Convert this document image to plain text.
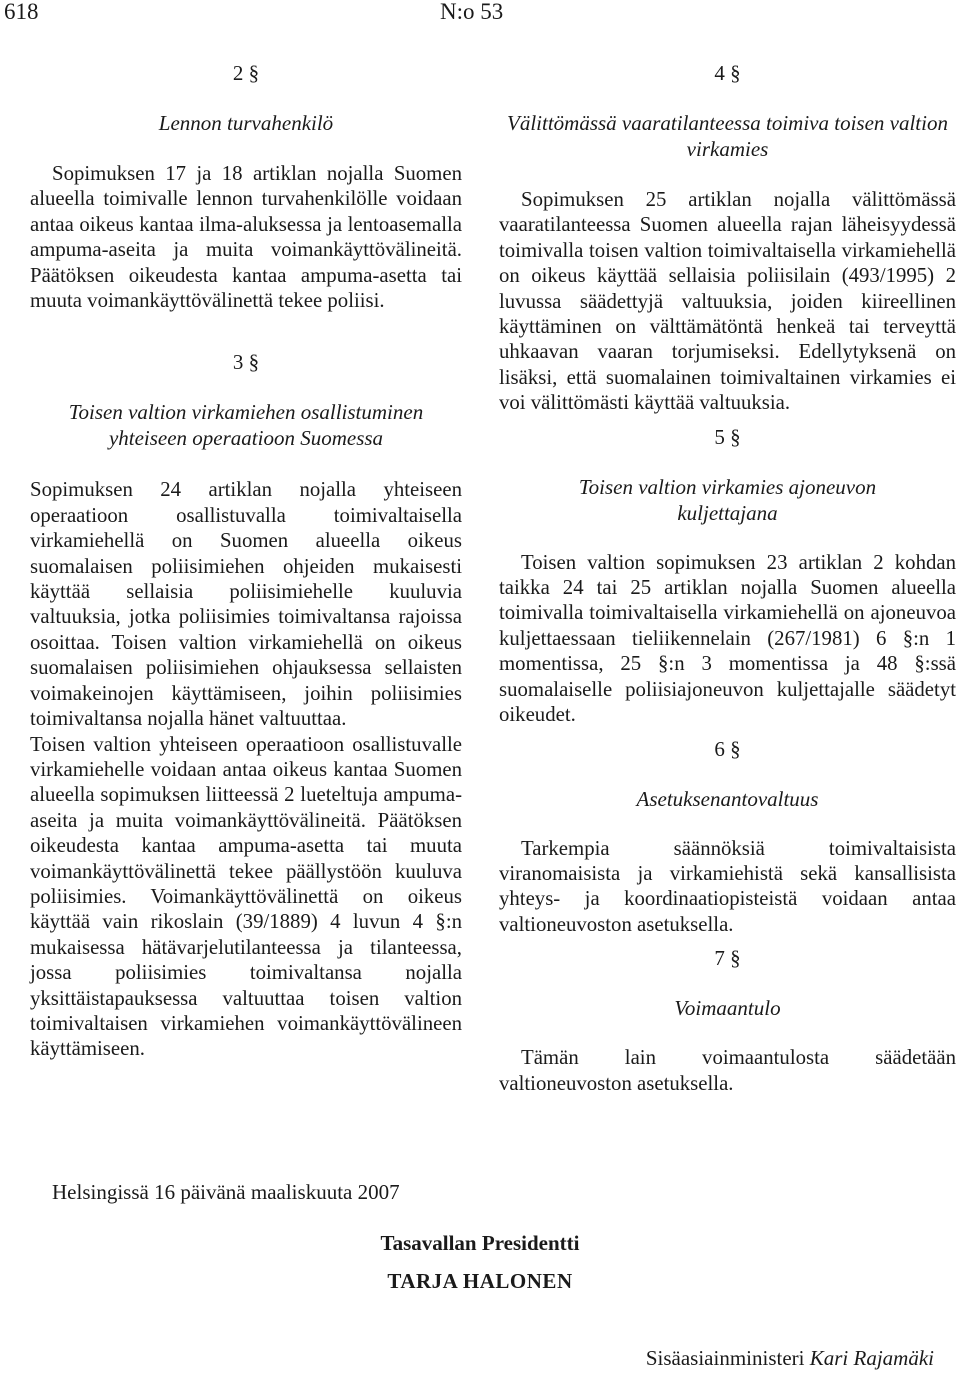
618	N:o 53

2 §

Lennon turvahenkilö

Sopimuksen 17 ja 18 artiklan nojalla Suomen alueella toimivalle lennon turvahenkilölle voidaan antaa oikeus kantaa ilma-aluksessa ja lentoasemalla ampuma-aseita ja muita voimankäyttövälineitä. Päätöksen oikeudesta kantaa ampuma-asetta tai muuta voimankäyttövälinettä tekee poliisi.

3 §

Toisen valtion virkamiehen osallistuminen yhteiseen operaatioon Suomessa

Sopimuksen 24 artiklan nojalla yhteiseen operaatioon osallistuvalla toimivaltaisella virkamiehellä on Suomen alueella oikeus suomalaisen poliisimiehen ohjeiden mukaisesti käyttää sellaisia poliisimiehelle kuuluvia valtuuksia, jotka poliisimies toimivaltansa rajoissa osoittaa. Toisen valtion virkamiehellä on oikeus suomalaisen poliisimiehen ohjauksessa sellaisten voimakeinojen käyttämiseen, joihin poliisimies toimivaltansa nojalla hänet valtuuttaa.

Toisen valtion yhteiseen operaatioon osallistuvalle virkamiehelle voidaan antaa oikeus kantaa Suomen alueella sopimuksen liitteessä 2 lueteltuja ampuma-aseita ja muita voimankäyttövälineitä. Päätöksen oikeudesta kantaa ampuma-asetta tai muuta voimankäyttövälinettä tekee päällystöön kuuluva poliisimies. Voimankäyttövälinettä on oikeus käyttää vain rikoslain (39/1889) 4 luvun 4 §:n mukaisessa hätävarjelutilanteessa ja tilanteessa, jossa poliisimies toimivaltansa nojalla yksittäistapauksessa valtuuttaa toisen valtion toimivaltaisen virkamiehen voimankäyttövälineen käyttämiseen.

4 §

Välittömässä vaaratilanteessa toimiva toisen valtion virkamies

Sopimuksen 25 artiklan nojalla välittömässä vaaratilanteessa Suomen alueella rajan läheisyydessä toimivalla toisen valtion toimivaltaisella virkamiehellä on oikeus käyttää sellaisia poliisilain (493/1995) 2 luvussa säädettyjä valtuuksia, joiden kiireellinen käyttäminen on välttämätöntä henkeä tai terveyttä uhkaavan vaaran torjumiseksi. Edellytyksenä on lisäksi, että suomalainen toimivaltainen virkamies ei voi välittömästi käyttää valtuuksia.

5 §

Toisen valtion virkamies ajoneuvon kuljettajana

Toisen valtion sopimuksen 23 artiklan 2 kohdan taikka 24 tai 25 artiklan nojalla Suomen alueella toimivalla toimivaltaisella virkamiehellä on ajoneuvoa kuljettaessaan tieliikennelain (267/1981) 6 §:n 1 momentissa, 25 §:n 3 momentissa ja 48 §:ssä suomalaiselle poliisiajoneuvon kuljettajalle säädetyt oikeudet.

6 §

Asetuksenantovaltuus

Tarkempia säännöksiä toimivaltaisista viranomaisista ja virkamiehistä sekä kansallisista yhteys- ja koordinaatiopisteistä voidaan antaa valtioneuvoston asetuksella.

7 §

Voimaantulo

Tämän lain voimaantulosta säädetään valtioneuvoston asetuksella.

Helsingissä 16 päivänä maaliskuuta 2007
Tasavallan Presidentti
TARJA HALONEN
Sisäasiainministeri Kari Rajamäki
